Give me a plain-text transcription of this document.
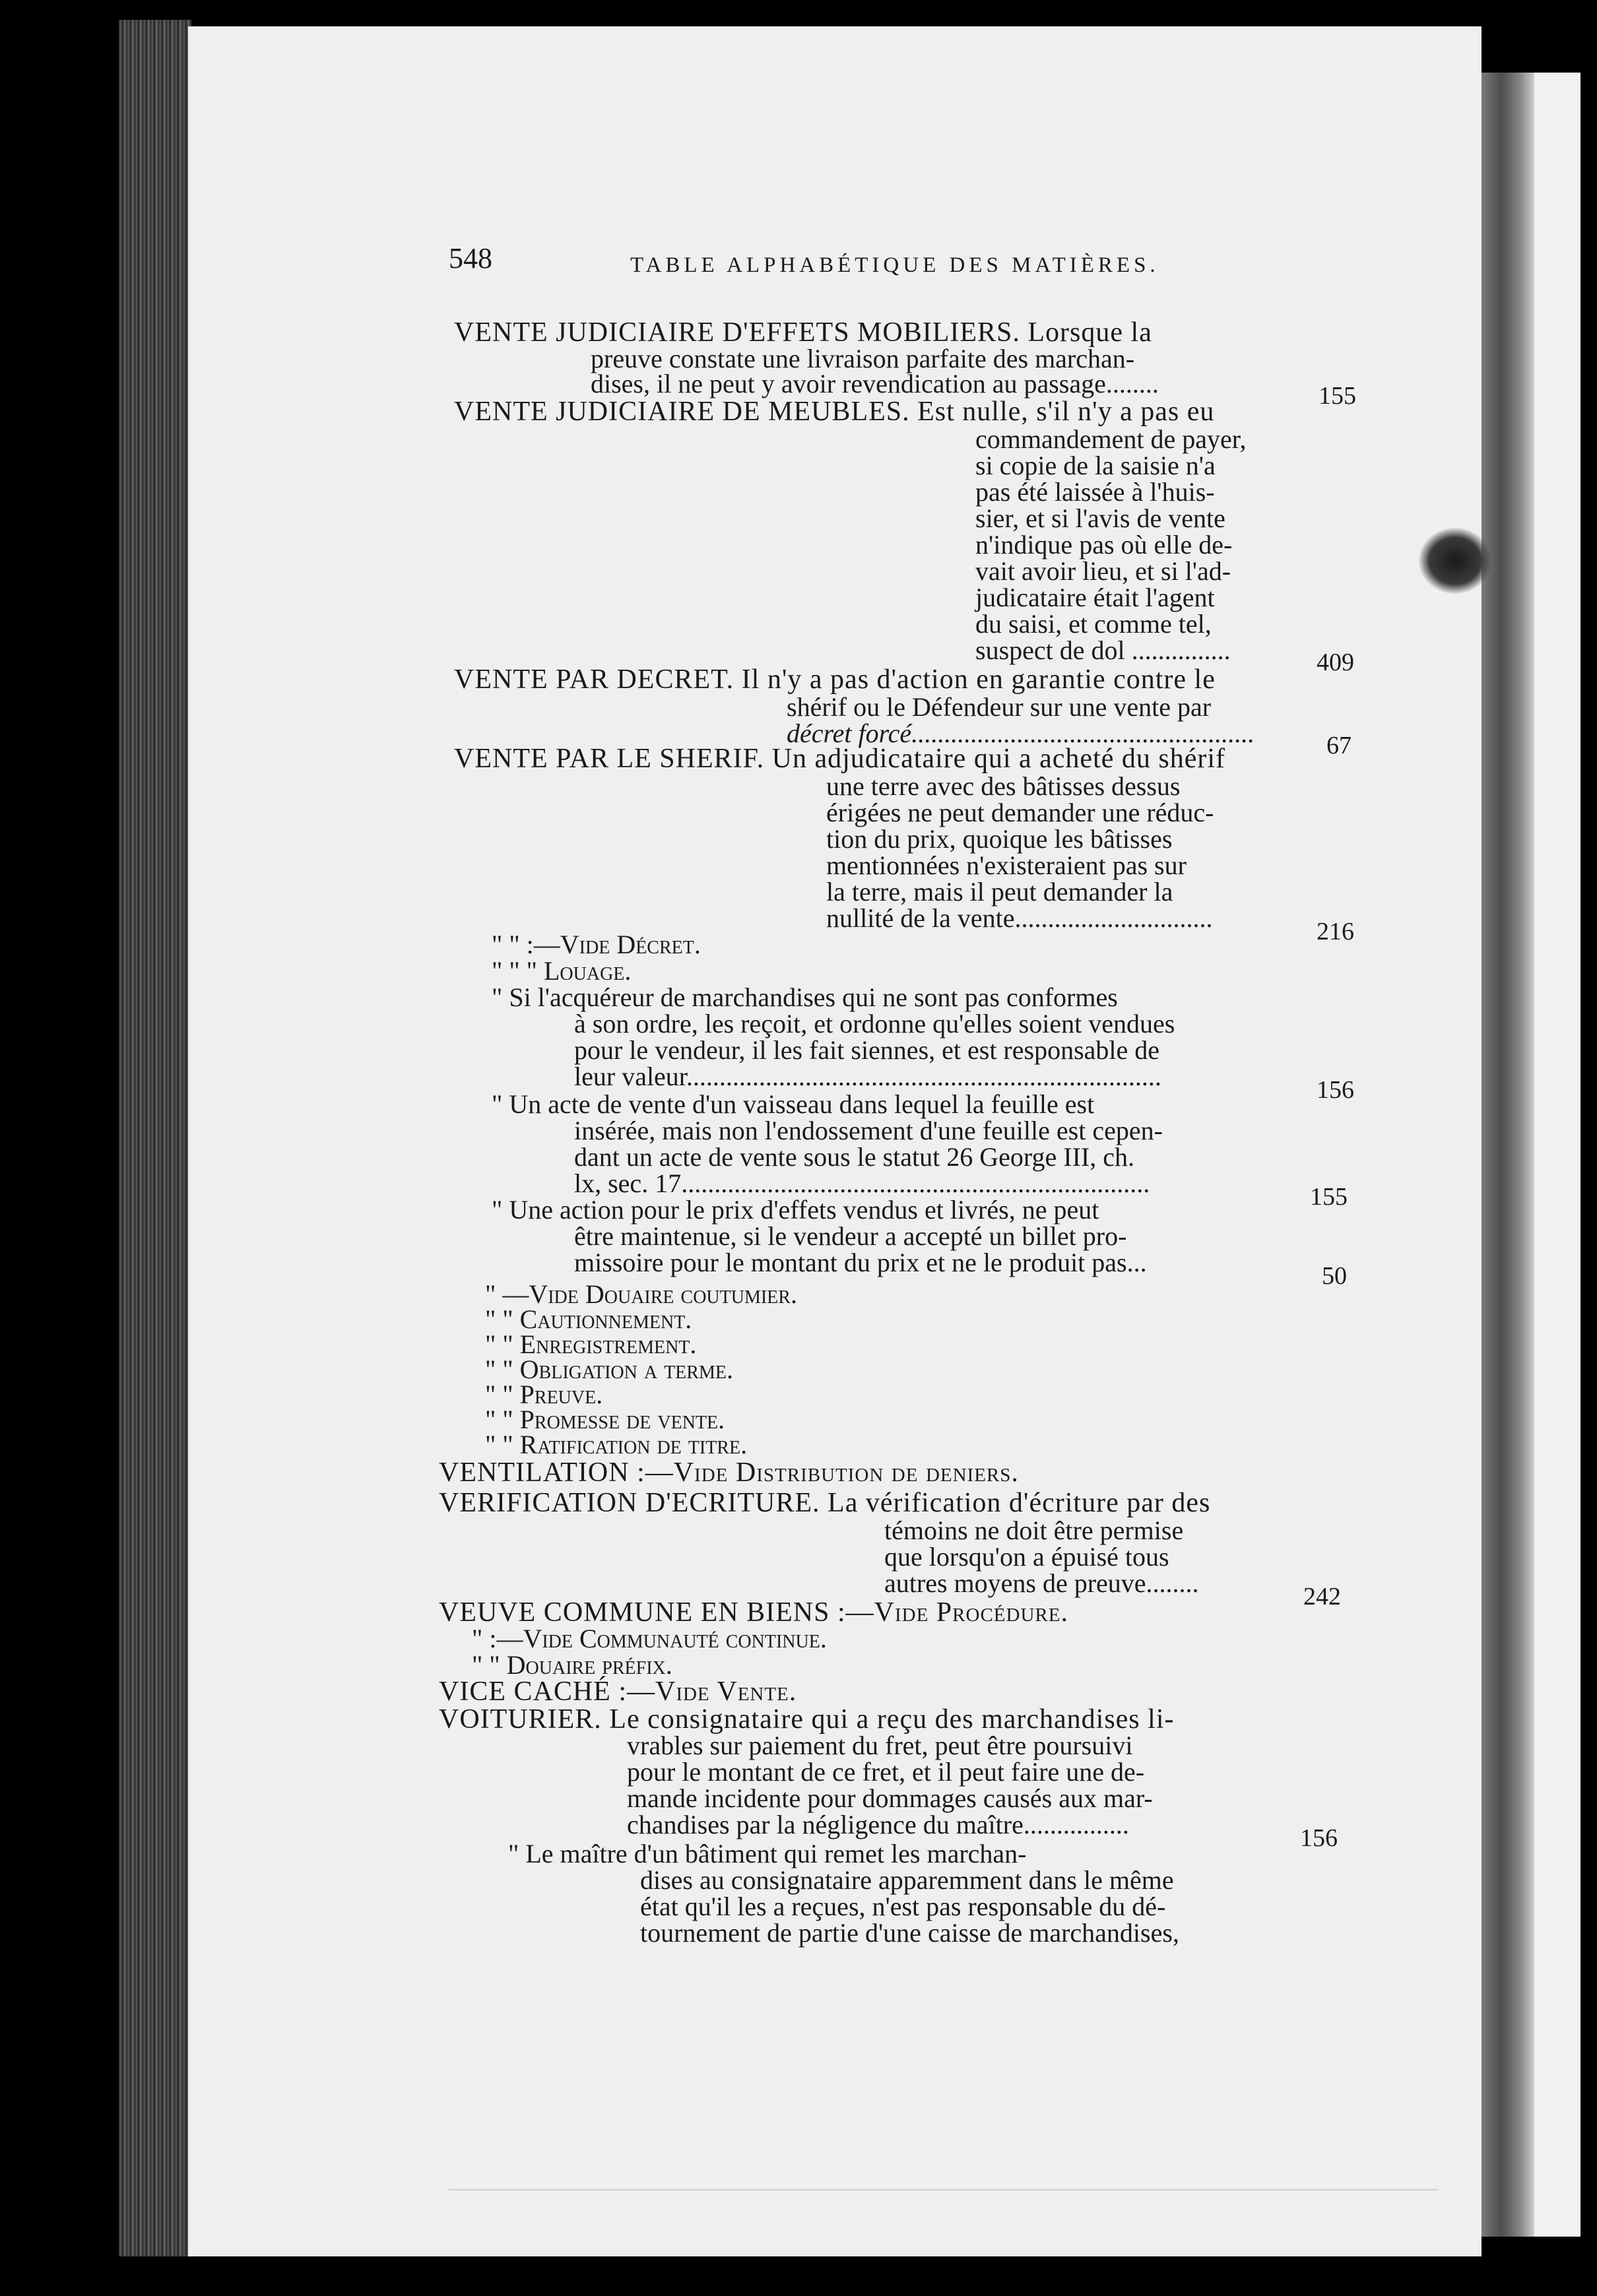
548	TABLE ALPHABÉTIQUE DES MATIÈRES.
VENTE JUDICIAIRE D'EFFETS MOBILIERS. Lorsque la
preuve constate une livraison parfaite des marchan-
dises, il ne peut y avoir revendication au passage........	155
VENTE JUDICIAIRE DE MEUBLES. Est nulle, s'il n'y a pas eu
commandement de payer,
si copie de la saisie n'a
pas été laissée à l'huis-
sier, et si l'avis de vente
n'indique pas où elle de-
vait avoir lieu, et si l'ad-
judicataire était l'agent
du saisi, et comme tel,
suspect de dol ...............	409
VENTE PAR DECRET. Il n'y a pas d'action en garantie contre le
shérif ou le Défendeur sur une vente par
décret forcé....................................................	67
VENTE PAR LE SHERIF. Un adjudicataire qui a acheté du shérif
une terre avec des bâtisses dessus
érigées ne peut demander une réduc-
tion du prix, quoique les bâtisses
mentionnées n'existeraient pas sur
la terre, mais il peut demander la
nullité de la vente..............................	216
" " :—Vide Décret.
" " " Louage.
" Si l'acquéreur de marchandises qui ne sont pas conformes
à son ordre, les reçoit, et ordonne qu'elles soient vendues
pour le vendeur, il les fait siennes, et est responsable de
leur valeur........................................................................	156
" Un acte de vente d'un vaisseau dans lequel la feuille est
insérée, mais non l'endossement d'une feuille est cepen-
dant un acte de vente sous le statut 26 George III, ch.
lx, sec. 17.......................................................................	155
" Une action pour le prix d'effets vendus et livrés, ne peut
être maintenue, si le vendeur a accepté un billet pro-
missoire pour le montant du prix et ne le produit pas...	50
" —Vide Douaire coutumier.
" " Cautionnement.
" " Enregistrement.
" " Obligation a terme.
" " Preuve.
" " Promesse de vente.
" " Ratification de titre.
VENTILATION :—Vide Distribution de deniers.
VERIFICATION D'ECRITURE. La vérification d'écriture par des
témoins ne doit être permise
que lorsqu'on a épuisé tous
autres moyens de preuve........	242
VEUVE COMMUNE EN BIENS :—Vide Procédure.
" :—Vide Communauté continue.
" " Douaire préfix.
VICE CACHÉ :—Vide Vente.
VOITURIER. Le consignataire qui a reçu des marchandises li-
vrables sur paiement du fret, peut être poursuivi
pour le montant de ce fret, et il peut faire une de-
mande incidente pour dommages causés aux mar-
chandises par la négligence du maître................	156
" Le maître d'un bâtiment qui remet les marchan-
dises au consignataire apparemment dans le même
état qu'il les a reçues, n'est pas responsable du dé-
tournement de partie d'une caisse de marchandises,
